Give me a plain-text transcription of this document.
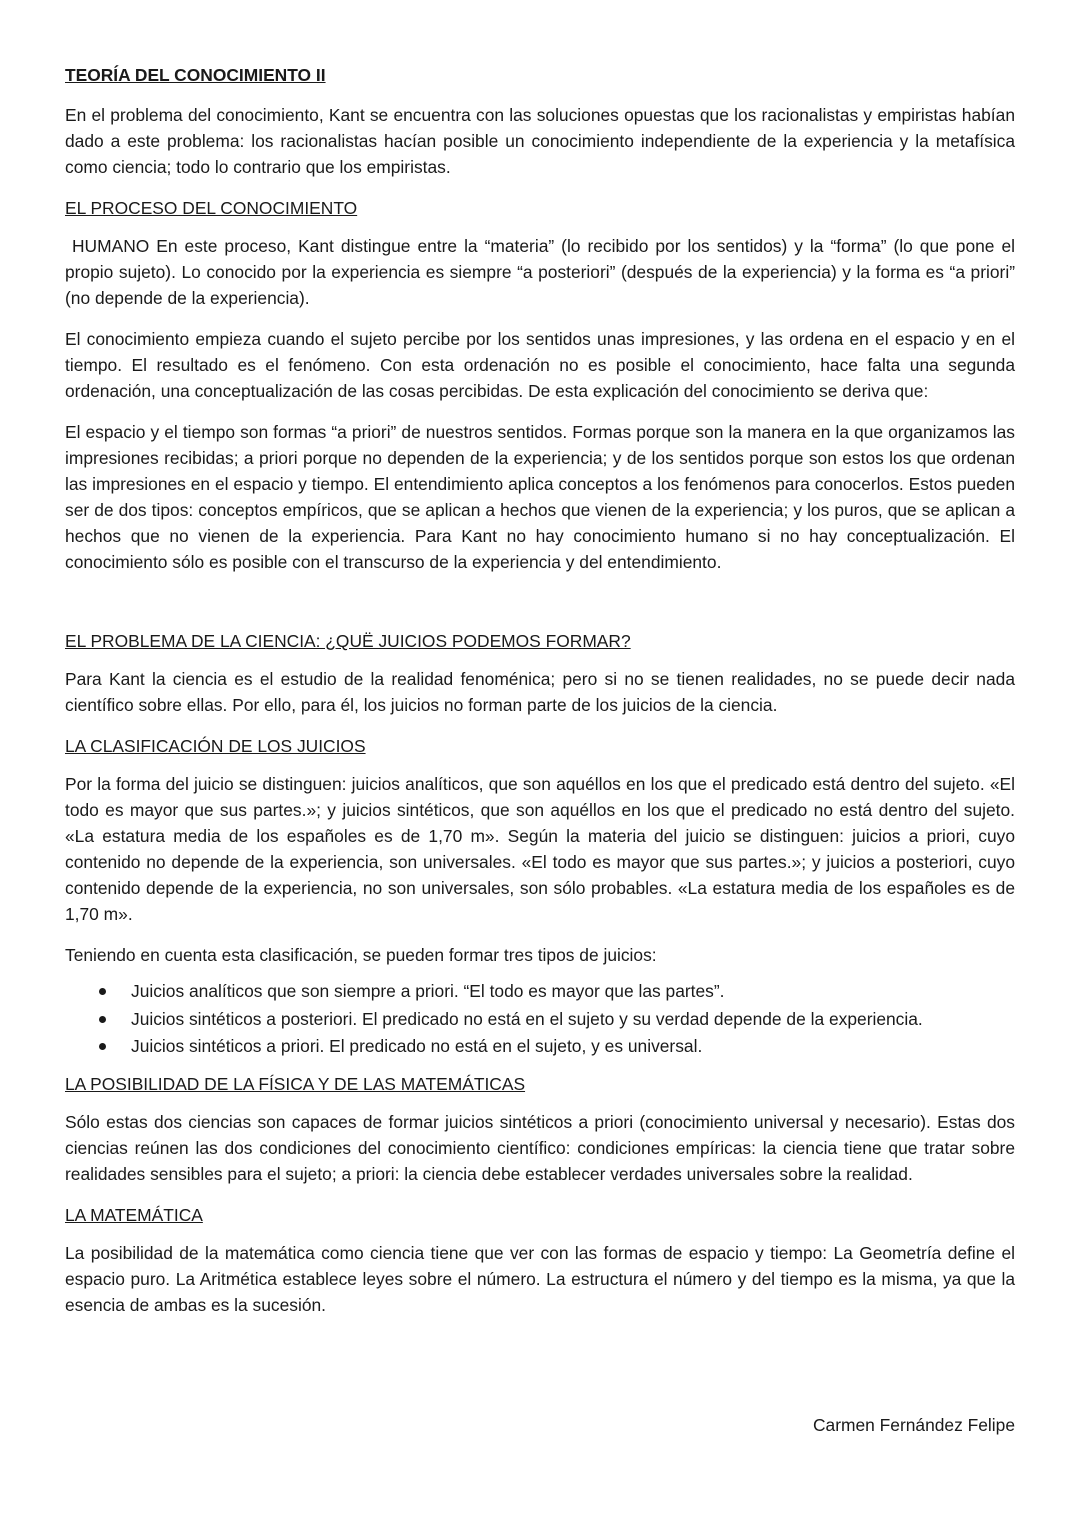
TEORÍA DEL CONOCIMIENTO II

En el problema del conocimiento, Kant se encuentra con las soluciones opuestas que los racionalistas y empiristas habían dado a este problema: los racionalistas hacían posible un conocimiento independiente de la experiencia y la metafísica como ciencia; todo lo contrario que los empiristas.

EL PROCESO DEL CONOCIMIENTO

HUMANO En este proceso, Kant distingue entre la “materia” (lo recibido por los sentidos) y la “forma” (lo que pone el propio sujeto). Lo conocido por la experiencia es siempre “a posteriori” (después de la experiencia) y la forma es “a priori” (no depende de la experiencia).

El conocimiento empieza cuando el sujeto percibe por los sentidos unas impresiones, y las ordena en el espacio y en el tiempo. El resultado es el fenómeno. Con esta ordenación no es posible el conocimiento, hace falta una segunda ordenación, una conceptualización de las cosas percibidas. De esta explicación del conocimiento se deriva que:

El espacio y el tiempo son formas “a priori” de nuestros sentidos. Formas porque son la manera en la que organizamos las impresiones recibidas; a priori porque no dependen de la experiencia; y de los sentidos porque son estos los que ordenan las impresiones en el espacio y tiempo. El entendimiento aplica conceptos a los fenómenos para conocerlos. Estos pueden ser de dos tipos: conceptos empíricos, que se aplican a hechos que vienen de la experiencia; y los puros, que se aplican a hechos que no vienen de la experiencia. Para Kant no hay conocimiento humano si no hay conceptualización. El conocimiento sólo es posible con el transcurso de la experiencia y del entendimiento.

EL PROBLEMA DE LA CIENCIA: ¿QUË JUICIOS PODEMOS FORMAR?

Para Kant la ciencia es el estudio de la realidad fenoménica; pero si no se tienen realidades, no se puede decir nada científico sobre ellas. Por ello, para él, los juicios no forman parte de los juicios de la ciencia.

LA CLASIFICACIÓN DE LOS JUICIOS

Por la forma del juicio se distinguen: juicios analíticos, que son aquéllos en los que el predicado está dentro del sujeto. «El todo es mayor que sus partes.»; y juicios sintéticos, que son aquéllos en los que el predicado no está dentro del sujeto. «La estatura media de los españoles es de 1,70 m». Según la materia del juicio se distinguen: juicios a priori, cuyo contenido no depende de la experiencia, son universales. «El todo es mayor que sus partes.»; y juicios a posteriori, cuyo contenido depende de la experiencia, no son universales, son sólo probables. «La estatura media de los españoles es de 1,70 m».

Teniendo en cuenta esta clasificación, se pueden formar tres tipos de juicios:

Juicios analíticos que son siempre a priori. “El todo es mayor que las partes”.
Juicios sintéticos a posteriori. El predicado no está en el sujeto y su verdad depende de la experiencia.
Juicios sintéticos a priori. El predicado no está en el sujeto, y es universal.
LA POSIBILIDAD DE LA FÍSICA Y DE LAS MATEMÁTICAS

Sólo estas dos ciencias son capaces de formar juicios sintéticos a priori (conocimiento universal y necesario). Estas dos ciencias reúnen las dos condiciones del conocimiento científico: condiciones empíricas: la ciencia tiene que tratar sobre realidades sensibles para el sujeto; a priori: la ciencia debe establecer verdades universales sobre la realidad.

LA MATEMÁTICA

La posibilidad de la matemática como ciencia tiene que ver con las formas de espacio y tiempo: La Geometría define el espacio puro. La Aritmética establece leyes sobre el número. La estructura el número y del tiempo es la misma, ya que la esencia de ambas es la sucesión.

Carmen Fernández Felipe
